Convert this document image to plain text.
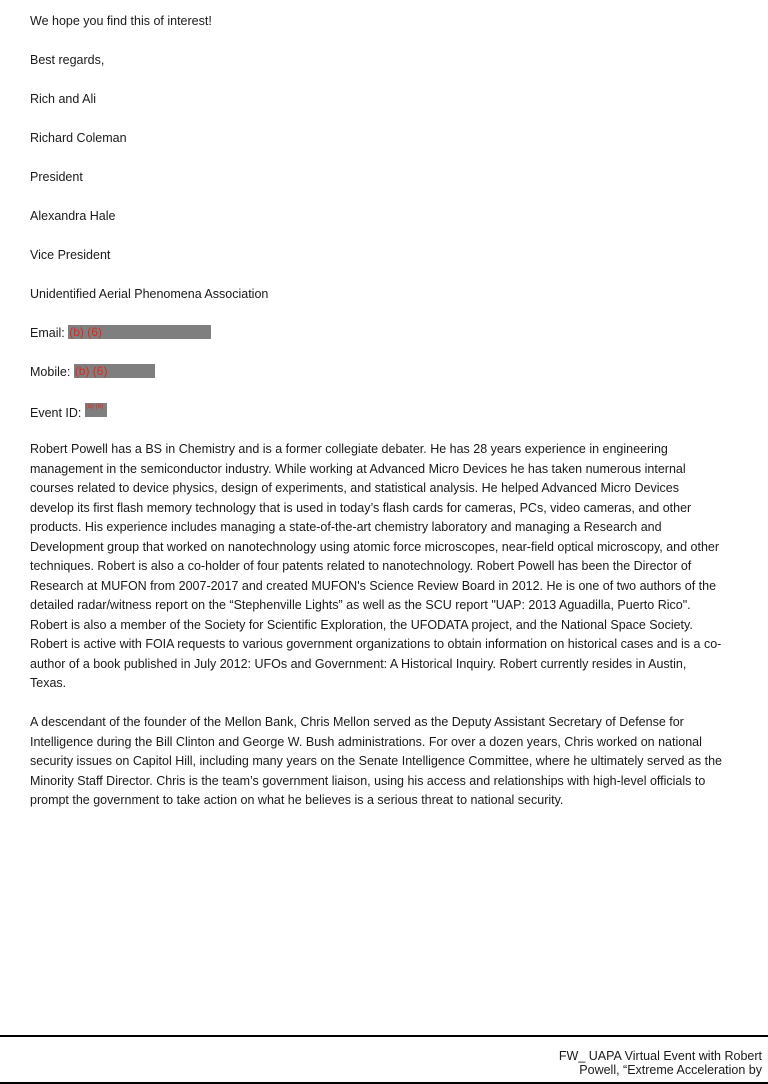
We hope you find this of interest!
Best regards,
Rich and Ali
Richard Coleman
President
Alexandra Hale
Vice President
Unidentified Aerial Phenomena Association
Email: (b) (6)
Mobile: (b) (6)
Event ID: (b) (6)
Robert Powell has a BS in Chemistry and is a former collegiate debater. He has 28 years experience in engineering management in the semiconductor industry. While working at Advanced Micro Devices he has taken numerous internal courses related to device physics, design of experiments, and statistical analysis. He helped Advanced Micro Devices develop its first flash memory technology that is used in today’s flash cards for cameras, PCs, video cameras, and other products. His experience includes managing a state-of-the-art chemistry laboratory and managing a Research and Development group that worked on nanotechnology using atomic force microscopes, near-field optical microscopy, and other techniques. Robert is also a co-holder of four patents related to nanotechnology. Robert Powell has been the Director of Research at MUFON from 2007-2017 and created MUFON's Science Review Board in 2012. He is one of two authors of the detailed radar/witness report on the “Stephenville Lights” as well as the SCU report "UAP: 2013 Aguadilla, Puerto Rico". Robert is also a member of the Society for Scientific Exploration, the UFODATA project, and the National Space Society. Robert is active with FOIA requests to various government organizations to obtain information on historical cases and is a co-author of a book published in July 2012: UFOs and Government: A Historical Inquiry. Robert currently resides in Austin, Texas.
A descendant of the founder of the Mellon Bank, Chris Mellon served as the Deputy Assistant Secretary of Defense for Intelligence during the Bill Clinton and George W. Bush administrations. For over a dozen years, Chris worked on national security issues on Capitol Hill, including many years on the Senate Intelligence Committee, where he ultimately served as the Minority Staff Director. Chris is the team’s government liaison, using his access and relationships with high-level officials to prompt the government to take action on what he believes is a serious threat to national security.
FW_ UAPA Virtual Event with Robert
Powell, “Extreme Acceleration by
